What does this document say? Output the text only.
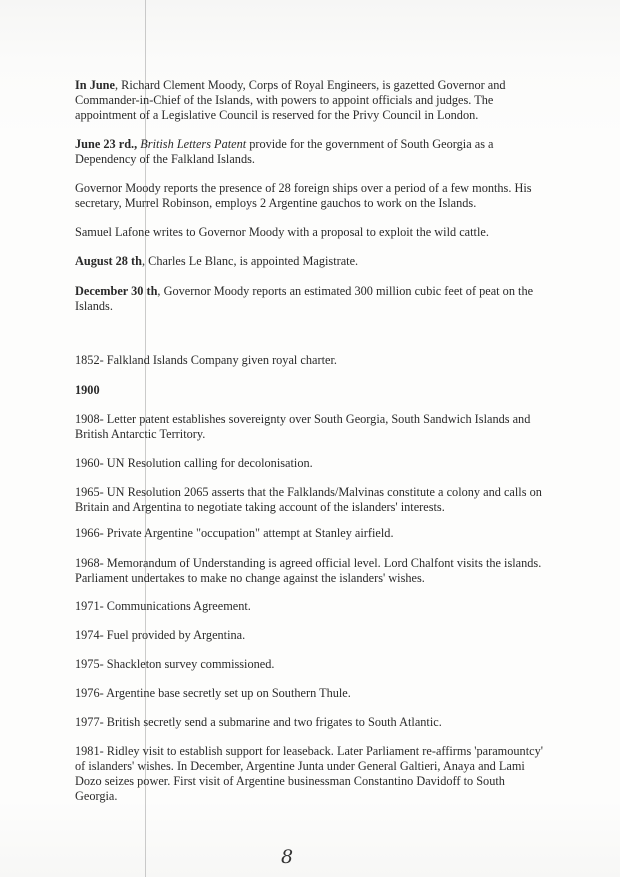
In June, Richard Clement Moody, Corps of Royal Engineers, is gazetted Governor and Commander-in-Chief of the Islands, with powers to appoint officials and judges. The appointment of a Legislative Council is reserved for the Privy Council in London.

June 23 rd., British Letters Patent provide for the government of South Georgia as a Dependency of the Falkland Islands.

Governor Moody reports the presence of 28 foreign ships over a period of a few months. His secretary, Murrel Robinson, employs 2 Argentine gauchos to work on the Islands.

Samuel Lafone writes to Governor Moody with a proposal to exploit the wild cattle.

August 28 th, Charles Le Blanc, is appointed Magistrate.

December 30 th, Governor Moody reports an estimated 300 million cubic feet of peat on the Islands.

1852- Falkland Islands Company given royal charter.

1900

1908- Letter patent establishes sovereignty over South Georgia, South Sandwich Islands and British Antarctic Territory.

1960- UN Resolution calling for decolonisation.

1965- UN Resolution 2065 asserts that the Falklands/Malvinas constitute a colony and calls on Britain and Argentina to negotiate taking account of the islanders' interests.

1966- Private Argentine "occupation" attempt at Stanley airfield.

1968- Memorandum of Understanding is agreed official level. Lord Chalfont visits the islands. Parliament undertakes to make no change against the islanders' wishes.

1971- Communications Agreement.

1974- Fuel provided by Argentina.

1975- Shackleton survey commissioned.

1976- Argentine base secretly set up on Southern Thule.

1977- British secretly send a submarine and two frigates to South Atlantic.

1981- Ridley visit to establish support for leaseback. Later Parliament re-affirms 'paramountcy' of islanders' wishes. In December, Argentine Junta under General Galtieri, Anaya and Lami Dozo seizes power. First visit of Argentine businessman Constantino Davidoff to South Georgia.

8
